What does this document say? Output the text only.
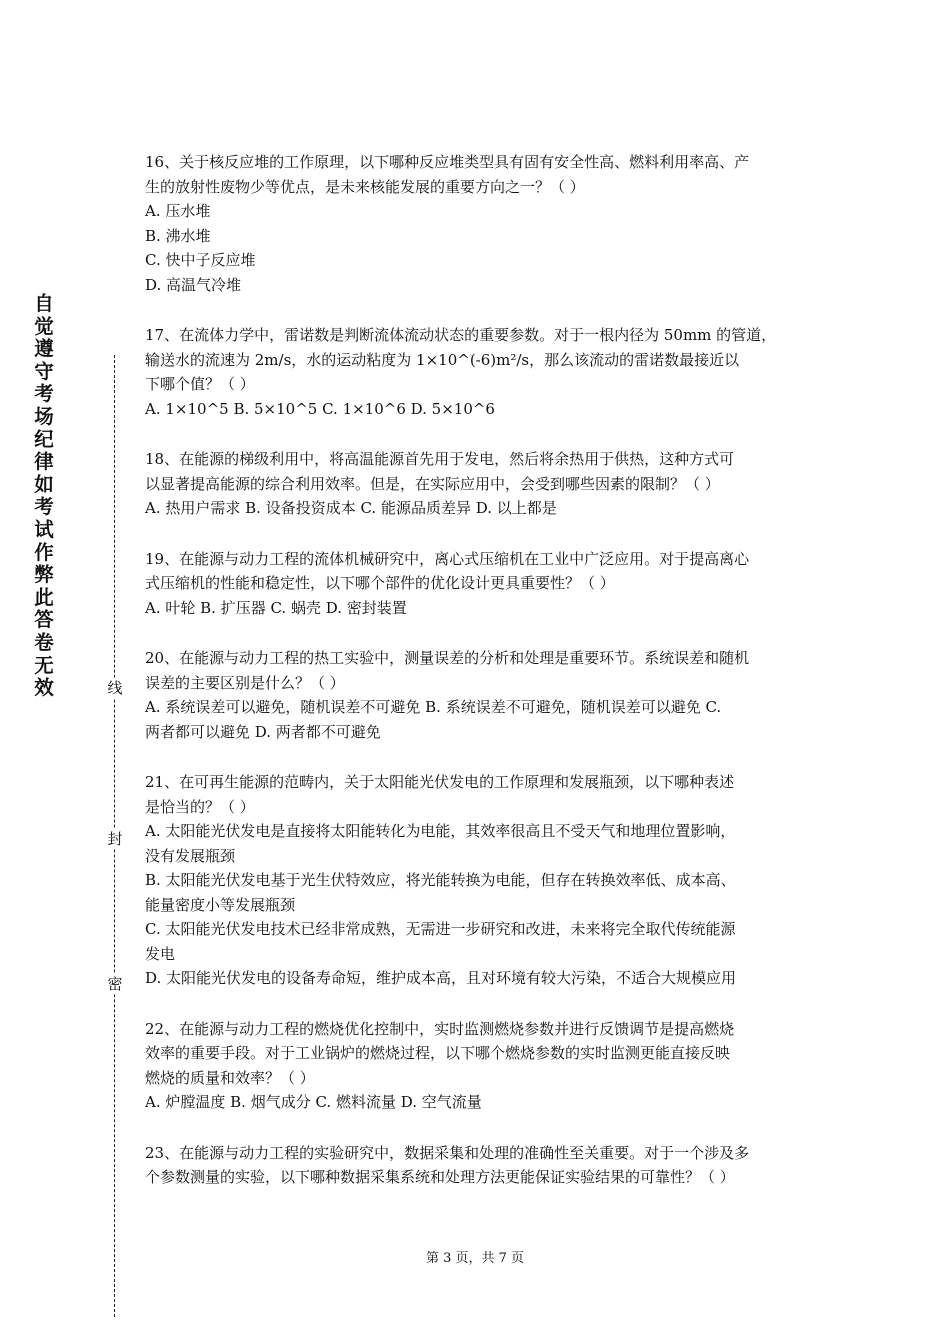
自
觉
遵
守
考
场
纪
律
如
考
试
作
弊
此
答
卷
无
效	线
封
密
16、关于核反应堆的工作原理，以下哪种反应堆类型具有固有安全性高、燃料利用率高、产
生的放射性废物少等优点，是未来核能发展的重要方向之一？（ ）
A. 压水堆
B. 沸水堆
C. 快中子反应堆
D. 高温气冷堆
17、在流体力学中，雷诺数是判断流体流动状态的重要参数。对于一根内径为 50mm 的管道，
输送水的流速为 2m/s，水的运动粘度为 1×10^(-6)m²/s，那么该流动的雷诺数最接近以
下哪个值？（ ）
A. 1×10^5 B. 5×10^5 C. 1×10^6 D. 5×10^6
18、在能源的梯级利用中，将高温能源首先用于发电，然后将余热用于供热，这种方式可
以显著提高能源的综合利用效率。但是，在实际应用中，会受到哪些因素的限制？（ ）
A. 热用户需求 B. 设备投资成本 C. 能源品质差异 D. 以上都是
19、在能源与动力工程的流体机械研究中，离心式压缩机在工业中广泛应用。对于提高离心
式压缩机的性能和稳定性，以下哪个部件的优化设计更具重要性？（ ）
A. 叶轮 B. 扩压器 C. 蜗壳 D. 密封装置
20、在能源与动力工程的热工实验中，测量误差的分析和处理是重要环节。系统误差和随机
误差的主要区别是什么？（ ）
A. 系统误差可以避免，随机误差不可避免 B. 系统误差不可避免，随机误差可以避免 C.
两者都可以避免 D. 两者都不可避免
21、在可再生能源的范畴内，关于太阳能光伏发电的工作原理和发展瓶颈，以下哪种表述
是恰当的？（ ）
A. 太阳能光伏发电是直接将太阳能转化为电能，其效率很高且不受天气和地理位置影响，
没有发展瓶颈
B. 太阳能光伏发电基于光生伏特效应，将光能转换为电能，但存在转换效率低、成本高、
能量密度小等发展瓶颈
C. 太阳能光伏发电技术已经非常成熟，无需进一步研究和改进，未来将完全取代传统能源
发电
D. 太阳能光伏发电的设备寿命短，维护成本高，且对环境有较大污染，不适合大规模应用
22、在能源与动力工程的燃烧优化控制中，实时监测燃烧参数并进行反馈调节是提高燃烧
效率的重要手段。对于工业锅炉的燃烧过程，以下哪个燃烧参数的实时监测更能直接反映
燃烧的质量和效率？（ ）
A. 炉膛温度 B. 烟气成分 C. 燃料流量 D. 空气流量
23、在能源与动力工程的实验研究中，数据采集和处理的准确性至关重要。对于一个涉及多
个参数测量的实验，以下哪种数据采集系统和处理方法更能保证实验结果的可靠性？（ ）
第 3 页，共 7 页
